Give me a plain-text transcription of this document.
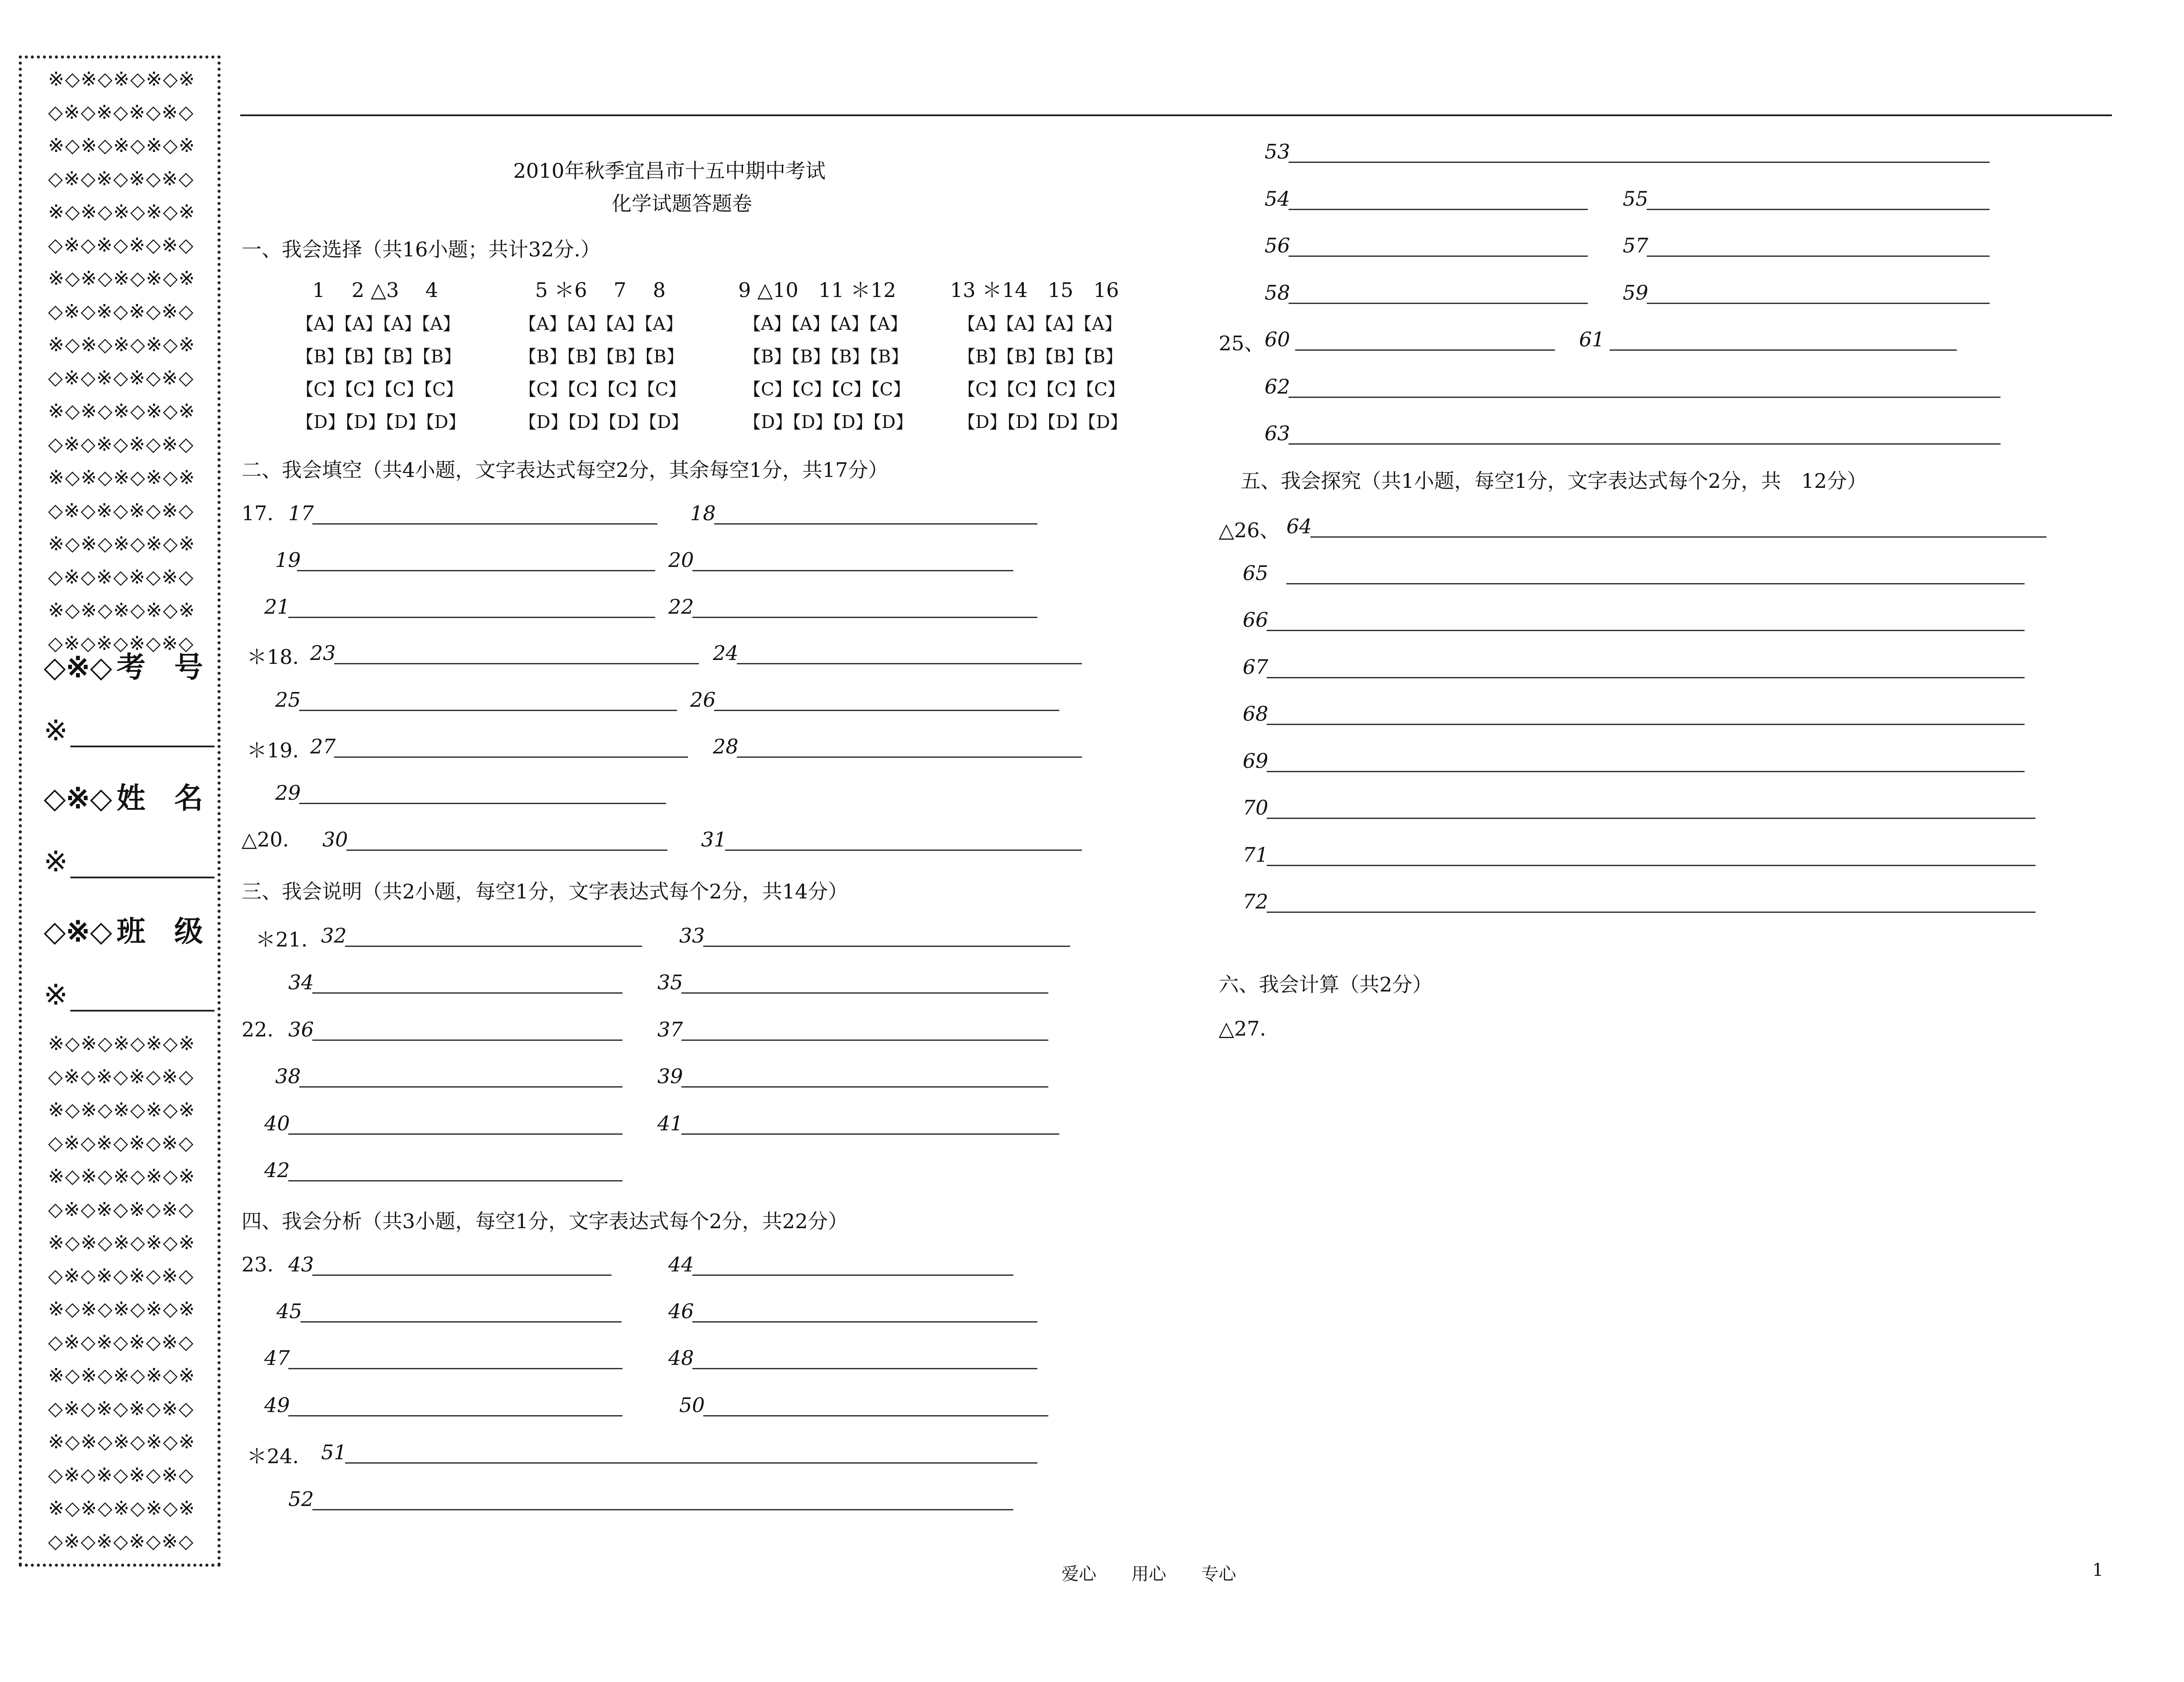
※◇※◇※◇※◇※
◇※◇※◇※◇※◇
※◇※◇※◇※◇※
◇※◇※◇※◇※◇
※◇※◇※◇※◇※
◇※◇※◇※◇※◇
※◇※◇※◇※◇※
◇※◇※◇※◇※◇
※◇※◇※◇※◇※
◇※◇※◇※◇※◇
※◇※◇※◇※◇※
◇※◇※◇※◇※◇
※◇※◇※◇※◇※
◇※◇※◇※◇※◇
※◇※◇※◇※◇※
◇※◇※◇※◇※◇
※◇※◇※◇※◇※
◇※◇※◇※◇※◇
◇※◇ 考　号
※
◇※◇ 姓　名
※
◇※◇ 班　级
※
※◇※◇※◇※◇※
◇※◇※◇※◇※◇
※◇※◇※◇※◇※
◇※◇※◇※◇※◇
※◇※◇※◇※◇※
◇※◇※◇※◇※◇
※◇※◇※◇※◇※
◇※◇※◇※◇※◇
※◇※◇※◇※◇※
◇※◇※◇※◇※◇
※◇※◇※◇※◇※
◇※◇※◇※◇※◇
※◇※◇※◇※◇※
◇※◇※◇※◇※◇
※◇※◇※◇※◇※
◇※◇※◇※◇※◇
2010年秋季宜昌市十五中期中考试
化学试题答题卷
一、我会选择（共16小题；共计32分.）
1　 2 △3　 4	5 ＊6　 7　 8	9 △10　11 ＊12	13 ＊14　15　16
【A】【A】【A】【A】	【A】【A】【A】【A】	【A】【A】【A】【A】	【A】【A】【A】【A】
【B】【B】【B】【B】	【B】【B】【B】【B】	【B】【B】【B】【B】	【B】【B】【B】【B】
【C】【C】【C】【C】	【C】【C】【C】【C】	【C】【C】【C】【C】	【C】【C】【C】【C】
【D】【D】【D】【D】	【D】【D】【D】【D】	【D】【D】【D】【D】	【D】【D】【D】【D】
二、我会填空（共4小题，文字表达式每空2分，其余每空1分，共17分）
17. 17	18
19	20
21	22
＊18. 23	24
25	26
＊19. 27	28
29
△20. 30	31
三、我会说明（共2小题，每空1分，文字表达式每个2分，共14分）
＊21. 32	33
34	35
22. 36	37
38	39
40	41
42
四、我会分析（共3小题，每空1分，文字表达式每个2分，共22分）
23. 43	44
45	46
47	48
49	50
＊24. 51
52
53
54	55
56	57
58	59
25、 60	61
62
63
五、我会探究（共1小题，每空1分，文字表达式每个2分，共　12分）
△26、 64
65
66
67
68
69
70
71
72
六、我会计算（共2分）
△27.
爱心　　用心　　专心	1
